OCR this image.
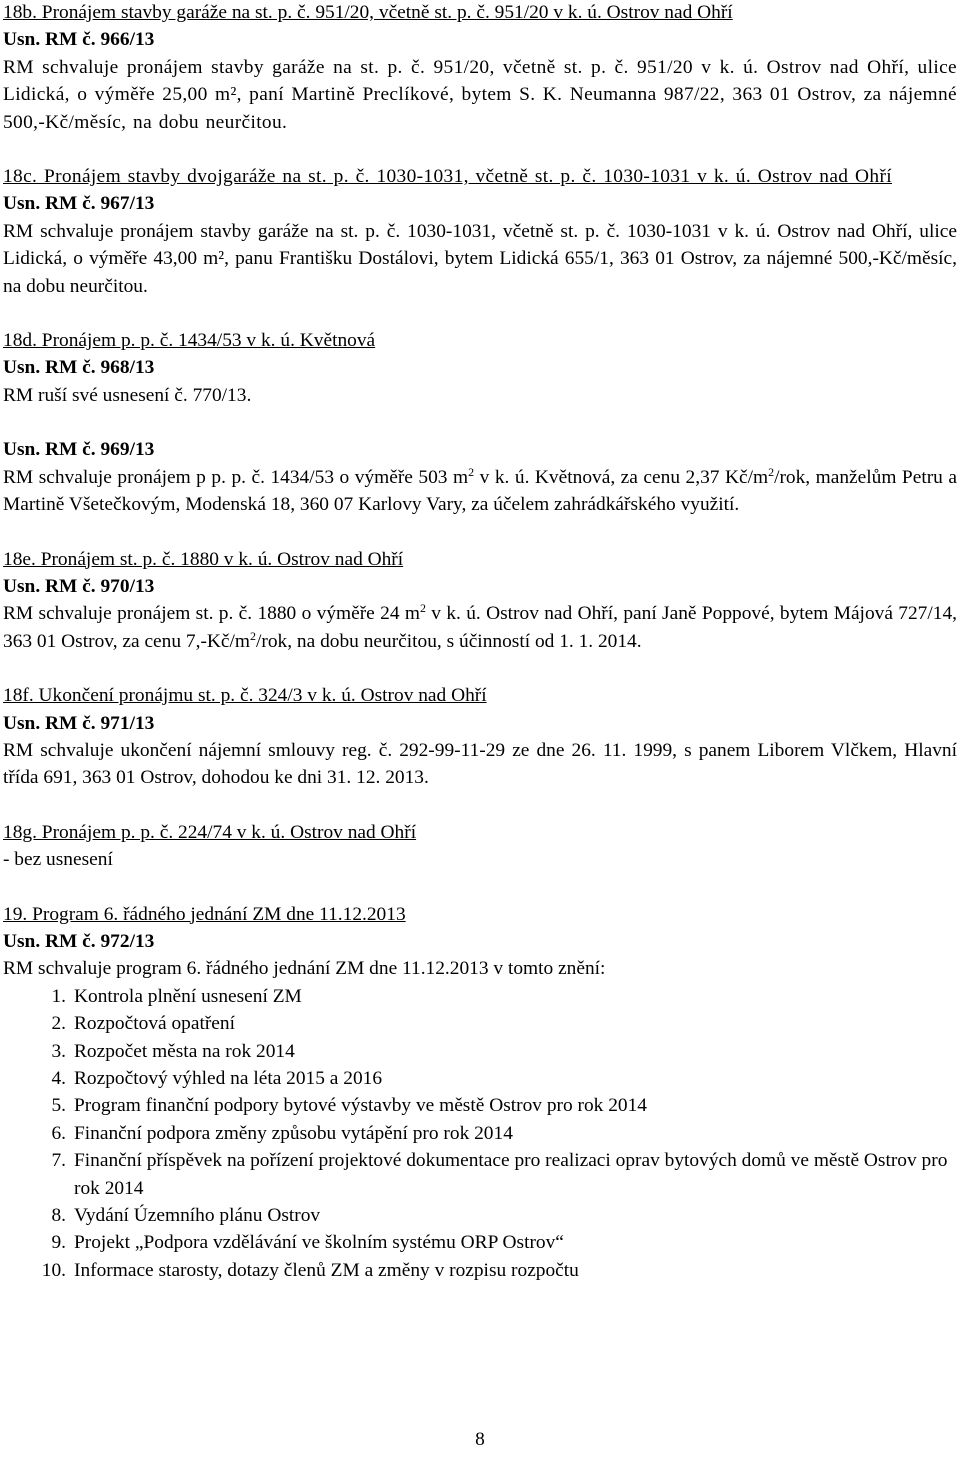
18b. Pronájem stavby garáže na st. p. č. 951/20, včetně st. p. č. 951/20 v k. ú. Ostrov nad Ohří

Usn. RM č. 966/13

RM schvaluje pronájem stavby garáže na st. p. č. 951/20, včetně st. p. č. 951/20 v k. ú. Ostrov nad Ohří, ulice Lidická, o výměře 25,00 m², paní Martině Preclíkové, bytem S. K. Neumanna 987/22, 363 01 Ostrov, za nájemné 500,-Kč/měsíc, na dobu neurčitou.

18c. Pronájem stavby dvojgaráže na st. p. č. 1030-1031, včetně st. p. č. 1030-1031 v k. ú. Ostrov nad Ohří

Usn. RM č. 967/13

RM schvaluje pronájem stavby garáže na st. p. č. 1030-1031, včetně st. p. č. 1030-1031 v k. ú. Ostrov nad Ohří, ulice Lidická, o výměře 43,00 m², panu Františku Dostálovi, bytem Lidická 655/1, 363 01 Ostrov, za nájemné 500,-Kč/měsíc, na dobu neurčitou.

18d. Pronájem p. p. č. 1434/53 v k. ú. Květnová

Usn. RM č. 968/13

RM ruší své usnesení č. 770/13.

Usn. RM č. 969/13

RM schvaluje pronájem p p. p. č. 1434/53 o výměře 503 $m^2$ v k. ú. Květnová, za cenu 2,37 $Kč/m^2$/rok, manželům Petru a Martině Všetečkovým, Modenská 18, 360 07 Karlovy Vary, za účelem zahrádkářského využití.

18e. Pronájem st. p. č. 1880 v k. ú. Ostrov nad Ohří

Usn. RM č. 970/13

RM schvaluje pronájem st. p. č. 1880 o výměře 24 $m^2$ v k. ú. Ostrov nad Ohří, paní Janě Poppové, bytem Májová 727/14, 363 01 Ostrov, za cenu $7,-Kč/m^2$/rok, na dobu neurčitou, s účinností od 1. 1. 2014.

18f. Ukončení pronájmu st. p. č. 324/3 v k. ú. Ostrov nad Ohří

Usn. RM č. 971/13

RM schvaluje ukončení nájemní smlouvy reg. č. 292-99-11-29 ze dne 26. 11. 1999, s panem Liborem Vlčkem, Hlavní třída 691, 363 01 Ostrov, dohodou ke dni 31. 12. 2013.

18g. Pronájem p. p. č. 224/74 v k. ú. Ostrov nad Ohří

- bez usnesení

19. Program 6. řádného jednání ZM dne 11.12.2013

Usn. RM č. 972/13

RM schvaluje program 6. řádného jednání ZM dne 11.12.2013 v tomto znění:

1. Kontrola plnění usnesení ZM
2. Rozpočtová opatření
3. Rozpočet města na rok 2014
4. Rozpočtový výhled na léta 2015 a 2016
5. Program finanční podpory bytové výstavby ve městě Ostrov pro rok 2014
6. Finanční podpora změny způsobu vytápění pro rok 2014
7. Finanční příspěvek na pořízení projektové dokumentace pro realizaci oprav bytových domů ve městě Ostrov pro rok 2014
8. Vydání Územního plánu Ostrov
9. Projekt „Podpora vzdělávání ve školním systému ORP Ostrov“
10. Informace starosty, dotazy členů ZM a změny v rozpisu rozpočtu
8
